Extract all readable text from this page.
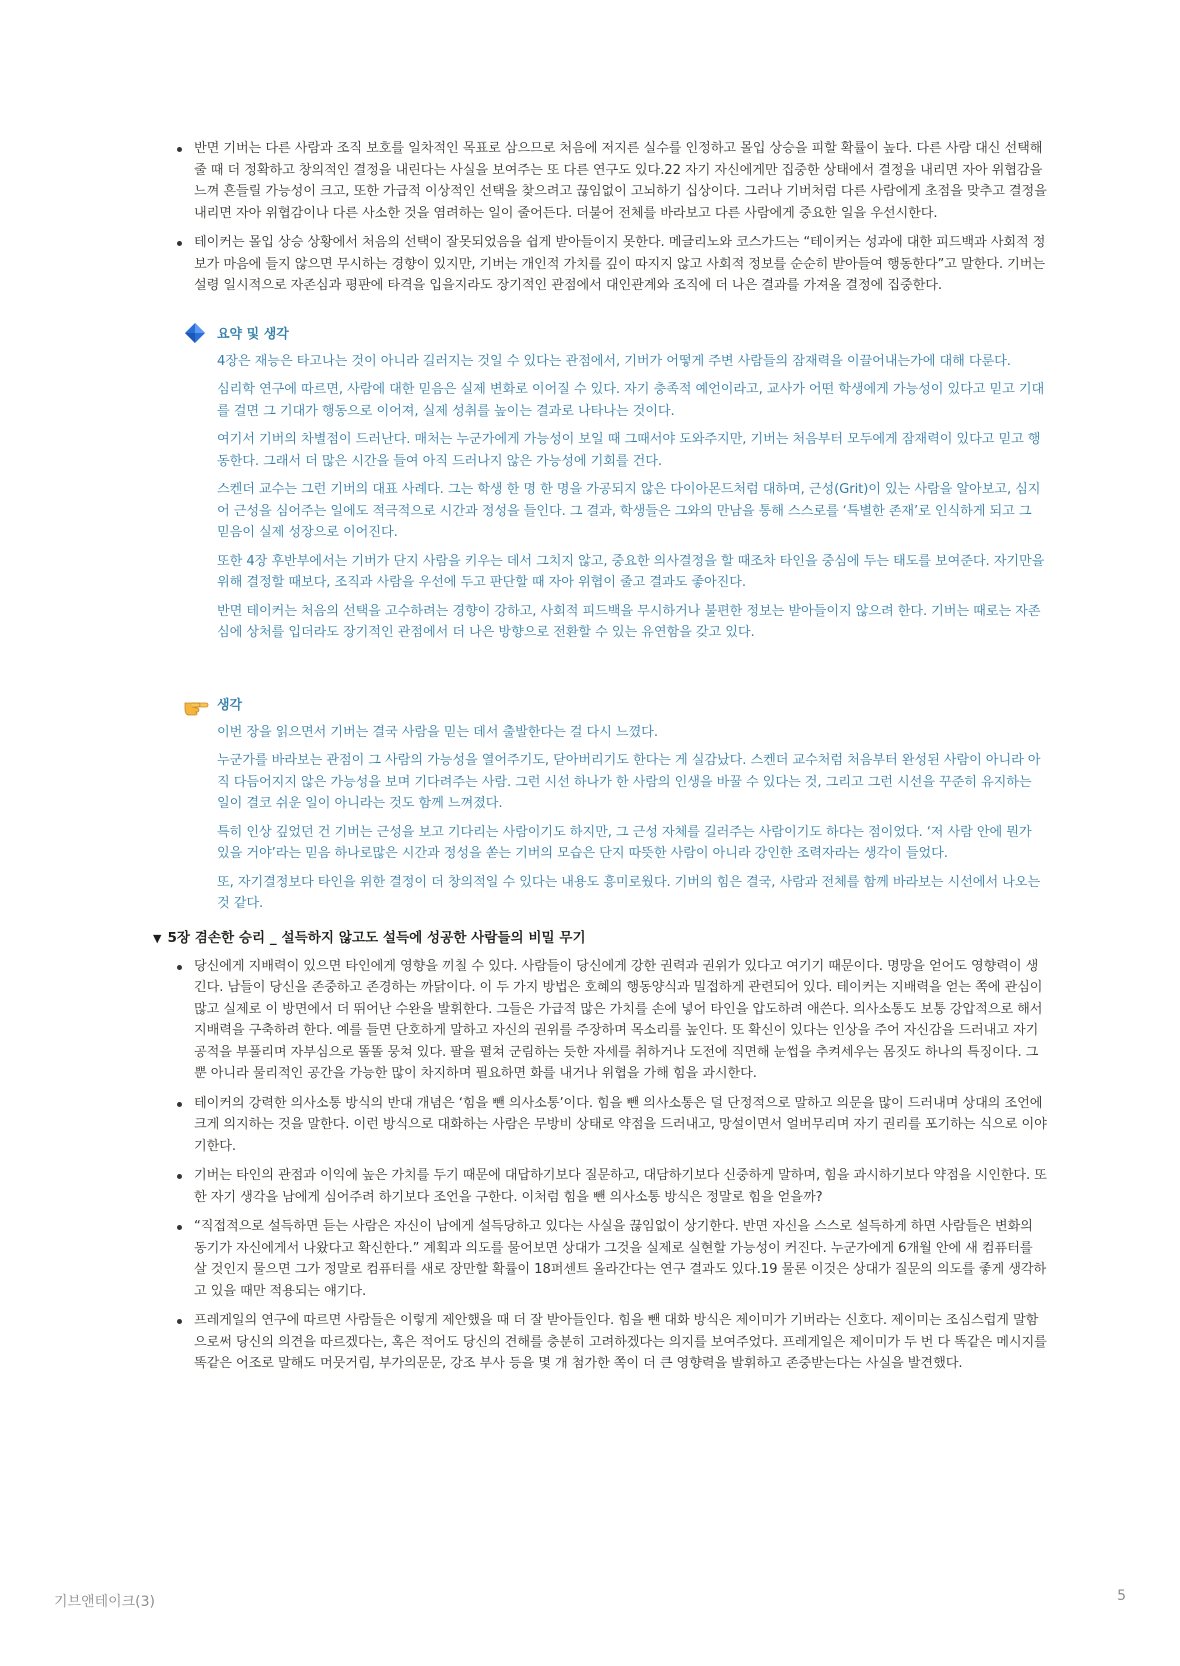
반면 기버는 다른 사람과 조직 보호를 일차적인 목표로 삼으므로 처음에 저지른 실수를 인정하고 몰입 상승을 피할 확률이 높다. 다른 사람 대신 선택해줄 때 더 정확하고 창의적인 결정을 내린다는 사실을 보여주는 또 다른 연구도 있다.22 자기 자신에게만 집중한 상태에서 결정을 내리면 자아 위협감을 느껴 흔들릴 가능성이 크고, 또한 가급적 이상적인 선택을 찾으려고 끊임없이 고뇌하기 십상이다. 그러나 기버처럼 다른 사람에게 초점을 맞추고 결정을 내리면 자아 위협감이나 다른 사소한 것을 염려하는 일이 줄어든다. 더불어 전체를 바라보고 다른 사람에게 중요한 일을 우선시한다.
테이커는 몰입 상승 상황에서 처음의 선택이 잘못되었음을 쉽게 받아들이지 못한다. 메글리노와 코스가드는 “테이커는 성과에 대한 피드백과 사회적 정보가 마음에 들지 않으면 무시하는 경향이 있지만, 기버는 개인적 가치를 깊이 따지지 않고 사회적 정보를 순순히 받아들여 행동한다”고 말한다. 기버는 설령 일시적으로 자존심과 평판에 타격을 입을지라도 장기적인 관점에서 대인관계와 조직에 더 나은 결과를 가져올 결정에 집중한다.
요약 및 생각

4장은 재능은 타고나는 것이 아니라 길러지는 것일 수 있다는 관점에서, 기버가 어떻게 주변 사람들의 잠재력을 이끌어내는가에 대해 다룬다.

심리학 연구에 따르면, 사람에 대한 믿음은 실제 변화로 이어질 수 있다. 자기 충족적 예언이라고, 교사가 어떤 학생에게 가능성이 있다고 믿고 기대를 걸면 그 기대가 행동으로 이어져, 실제 성취를 높이는 결과로 나타나는 것이다.

여기서 기버의 차별점이 드러난다. 매처는 누군가에게 가능성이 보일 때 그때서야 도와주지만, 기버는 처음부터 모두에게 잠재력이 있다고 믿고 행동한다. 그래서 더 많은 시간을 들여 아직 드러나지 않은 가능성에 기회를 건다.

스켄더 교수는 그런 기버의 대표 사례다. 그는 학생 한 명 한 명을 가공되지 않은 다이아몬드처럼 대하며, 근성(Grit)이 있는 사람을 알아보고, 심지어 근성을 심어주는 일에도 적극적으로 시간과 정성을 들인다. 그 결과, 학생들은 그와의 만남을 통해 스스로를 ‘특별한 존재’로 인식하게 되고 그 믿음이 실제 성장으로 이어진다.

또한 4장 후반부에서는 기버가 단지 사람을 키우는 데서 그치지 않고, 중요한 의사결정을 할 때조차 타인을 중심에 두는 태도를 보여준다. 자기만을 위해 결정할 때보다, 조직과 사람을 우선에 두고 판단할 때 자아 위협이 줄고 결과도 좋아진다.

반면 테이커는 처음의 선택을 고수하려는 경향이 강하고, 사회적 피드백을 무시하거나 불편한 정보는 받아들이지 않으려 한다. 기버는 때로는 자존심에 상처를 입더라도 장기적인 관점에서 더 나은 방향으로 전환할 수 있는 유연함을 갖고 있다.

생각

이번 장을 읽으면서 기버는 결국 사람을 믿는 데서 출발한다는 걸 다시 느꼈다.

누군가를 바라보는 관점이 그 사람의 가능성을 열어주기도, 닫아버리기도 한다는 게 실감났다. 스켄더 교수처럼 처음부터 완성된 사람이 아니라 아직 다듬어지지 않은 가능성을 보며 기다려주는 사람. 그런 시선 하나가 한 사람의 인생을 바꿀 수 있다는 것, 그리고 그런 시선을 꾸준히 유지하는 일이 결코 쉬운 일이 아니라는 것도 함께 느껴졌다.

특히 인상 깊었던 건 기버는 근성을 보고 기다리는 사람이기도 하지만, 그 근성 자체를 길러주는 사람이기도 하다는 점이었다. ‘저 사람 안에 뭔가 있을 거야’라는 믿음 하나로많은 시간과 정성을 쏟는 기버의 모습은 단지 따뜻한 사람이 아니라 강인한 조력자라는 생각이 들었다.

또, 자기결정보다 타인을 위한 결정이 더 창의적일 수 있다는 내용도 흥미로웠다. 기버의 힘은 결국, 사람과 전체를 함께 바라보는 시선에서 나오는 것 같다.

▼ 5장 겸손한 승리 _ 설득하지 않고도 설득에 성공한 사람들의 비밀 무기
당신에게 지배력이 있으면 타인에게 영향을 끼칠 수 있다. 사람들이 당신에게 강한 권력과 권위가 있다고 여기기 때문이다. 명망을 얻어도 영향력이 생긴다. 남들이 당신을 존중하고 존경하는 까닭이다. 이 두 가지 방법은 호혜의 행동양식과 밀접하게 관련되어 있다. 테이커는 지배력을 얻는 쪽에 관심이 많고 실제로 이 방면에서 더 뛰어난 수완을 발휘한다. 그들은 가급적 많은 가치를 손에 넣어 타인을 압도하려 애쓴다. 의사소통도 보통 강압적으로 해서 지배력을 구축하려 한다. 예를 들면 단호하게 말하고 자신의 권위를 주장하며 목소리를 높인다. 또 확신이 있다는 인상을 주어 자신감을 드러내고 자기 공적을 부풀리며 자부심으로 똘똘 뭉쳐 있다. 팔을 펼쳐 군림하는 듯한 자세를 취하거나 도전에 직면해 눈썹을 추켜세우는 몸짓도 하나의 특징이다. 그뿐 아니라 물리적인 공간을 가능한 많이 차지하며 필요하면 화를 내거나 위협을 가해 힘을 과시한다.
테이커의 강력한 의사소통 방식의 반대 개념은 ‘힘을 뺀 의사소통’이다. 힘을 뺀 의사소통은 덜 단정적으로 말하고 의문을 많이 드러내며 상대의 조언에 크게 의지하는 것을 말한다. 이런 방식으로 대화하는 사람은 무방비 상태로 약점을 드러내고, 망설이면서 얼버무리며 자기 권리를 포기하는 식으로 이야기한다.
기버는 타인의 관점과 이익에 높은 가치를 두기 때문에 대답하기보다 질문하고, 대담하기보다 신중하게 말하며, 힘을 과시하기보다 약점을 시인한다. 또한 자기 생각을 남에게 심어주려 하기보다 조언을 구한다. 이처럼 힘을 뺀 의사소통 방식은 정말로 힘을 얻을까?
“직접적으로 설득하면 듣는 사람은 자신이 남에게 설득당하고 있다는 사실을 끊임없이 상기한다. 반면 자신을 스스로 설득하게 하면 사람들은 변화의 동기가 자신에게서 나왔다고 확신한다.” 계획과 의도를 물어보면 상대가 그것을 실제로 실현할 가능성이 커진다. 누군가에게 6개월 안에 새 컴퓨터를 살 것인지 물으면 그가 정말로 컴퓨터를 새로 장만할 확률이 18퍼센트 올라간다는 연구 결과도 있다.19 물론 이것은 상대가 질문의 의도를 좋게 생각하고 있을 때만 적용되는 얘기다.
프레게일의 연구에 따르면 사람들은 이렇게 제안했을 때 더 잘 받아들인다. 힘을 뺀 대화 방식은 제이미가 기버라는 신호다. 제이미는 조심스럽게 말함으로써 당신의 의견을 따르겠다는, 혹은 적어도 당신의 견해를 충분히 고려하겠다는 의지를 보여주었다. 프레게일은 제이미가 두 번 다 똑같은 메시지를 똑같은 어조로 말해도 머뭇거림, 부가의문문, 강조 부사 등을 몇 개 첨가한 쪽이 더 큰 영향력을 발휘하고 존중받는다는 사실을 발견했다.
기브앤테이크(3)	5
